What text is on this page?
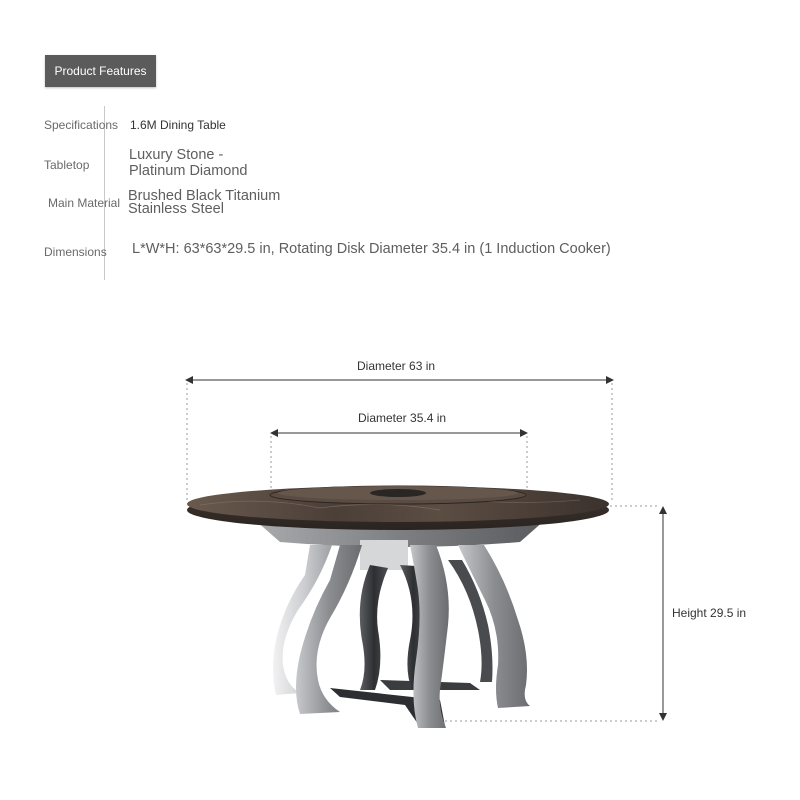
Product Features
Specifications 1.6M Dining Table
Tabletop
Luxury Stone -
Platinum Diamond
Main Material Brushed Black Titanium
Stainless Steel
Dimensions L*W*H: 63*63*29.5 in, Rotating Disk Diameter 35.4 in (1 Induction Cooker)
Diameter 63 in
Diameter 35.4 in
Height 29.5 in
